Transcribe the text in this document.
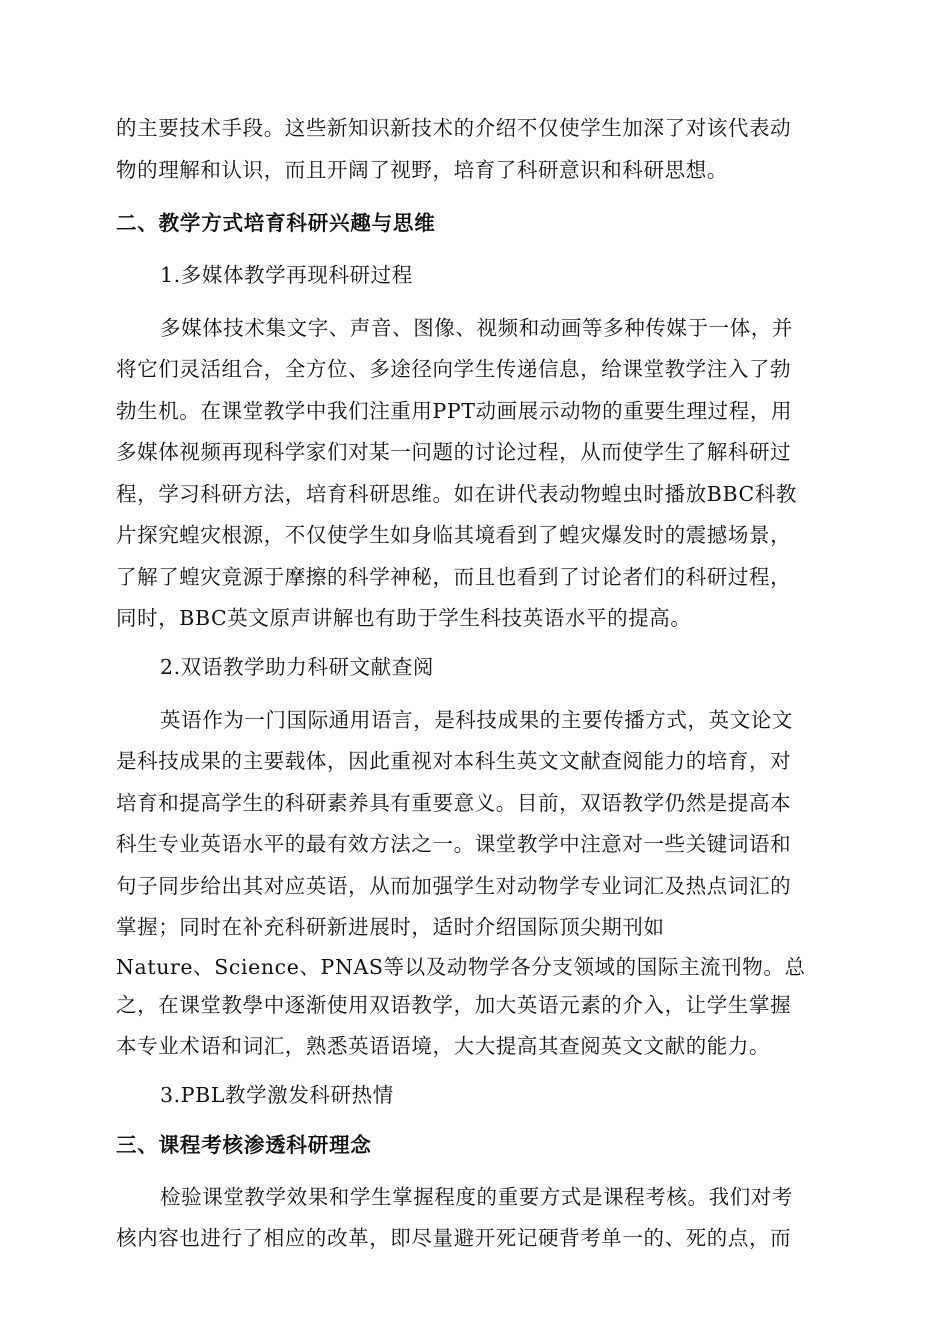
的主要技术手段。这些新知识新技术的介绍不仅使学生加深了对该代表动
物的理解和认识，而且开阔了视野，培育了科研意识和科研思想。
二、教学方式培育科研兴趣与思维
1.多媒体教学再现科研过程
多媒体技术集文字、声音、图像、视频和动画等多种传媒于一体，并
将它们灵活组合，全方位、多途径向学生传递信息，给课堂教学注入了勃
勃生机。在课堂教学中我们注重用PPT动画展示动物的重要生理过程，用
多媒体视频再现科学家们对某一问题的讨论过程，从而使学生了解科研过
程，学习科研方法，培育科研思维。如在讲代表动物蝗虫时播放BBC科教
片探究蝗灾根源，不仅使学生如身临其境看到了蝗灾爆发时的震撼场景，
了解了蝗灾竟源于摩擦的科学神秘，而且也看到了讨论者们的科研过程，
同时，BBC英文原声讲解也有助于学生科技英语水平的提高。
2.双语教学助力科研文献查阅
英语作为一门国际通用语言，是科技成果的主要传播方式，英文论文
是科技成果的主要载体，因此重视对本科生英文文献查阅能力的培育，对
培育和提高学生的科研素养具有重要意义。目前，双语教学仍然是提高本
科生专业英语水平的最有效方法之一。课堂教学中注意对一些关键词语和
句子同步给出其对应英语，从而加强学生对动物学专业词汇及热点词汇的
掌握；同时在补充科研新进展时，适时介绍国际顶尖期刊如
Nature、Science、PNAS等以及动物学各分支领域的国际主流刊物。总
之，在课堂教學中逐渐使用双语教学，加大英语元素的介入，让学生掌握
本专业术语和词汇，熟悉英语语境，大大提高其查阅英文文献的能力。
3.PBL教学激发科研热情
三、课程考核渗透科研理念
检验课堂教学效果和学生掌握程度的重要方式是课程考核。我们对考
核内容也进行了相应的改革，即尽量避开死记硬背考单一的、死的点，而
